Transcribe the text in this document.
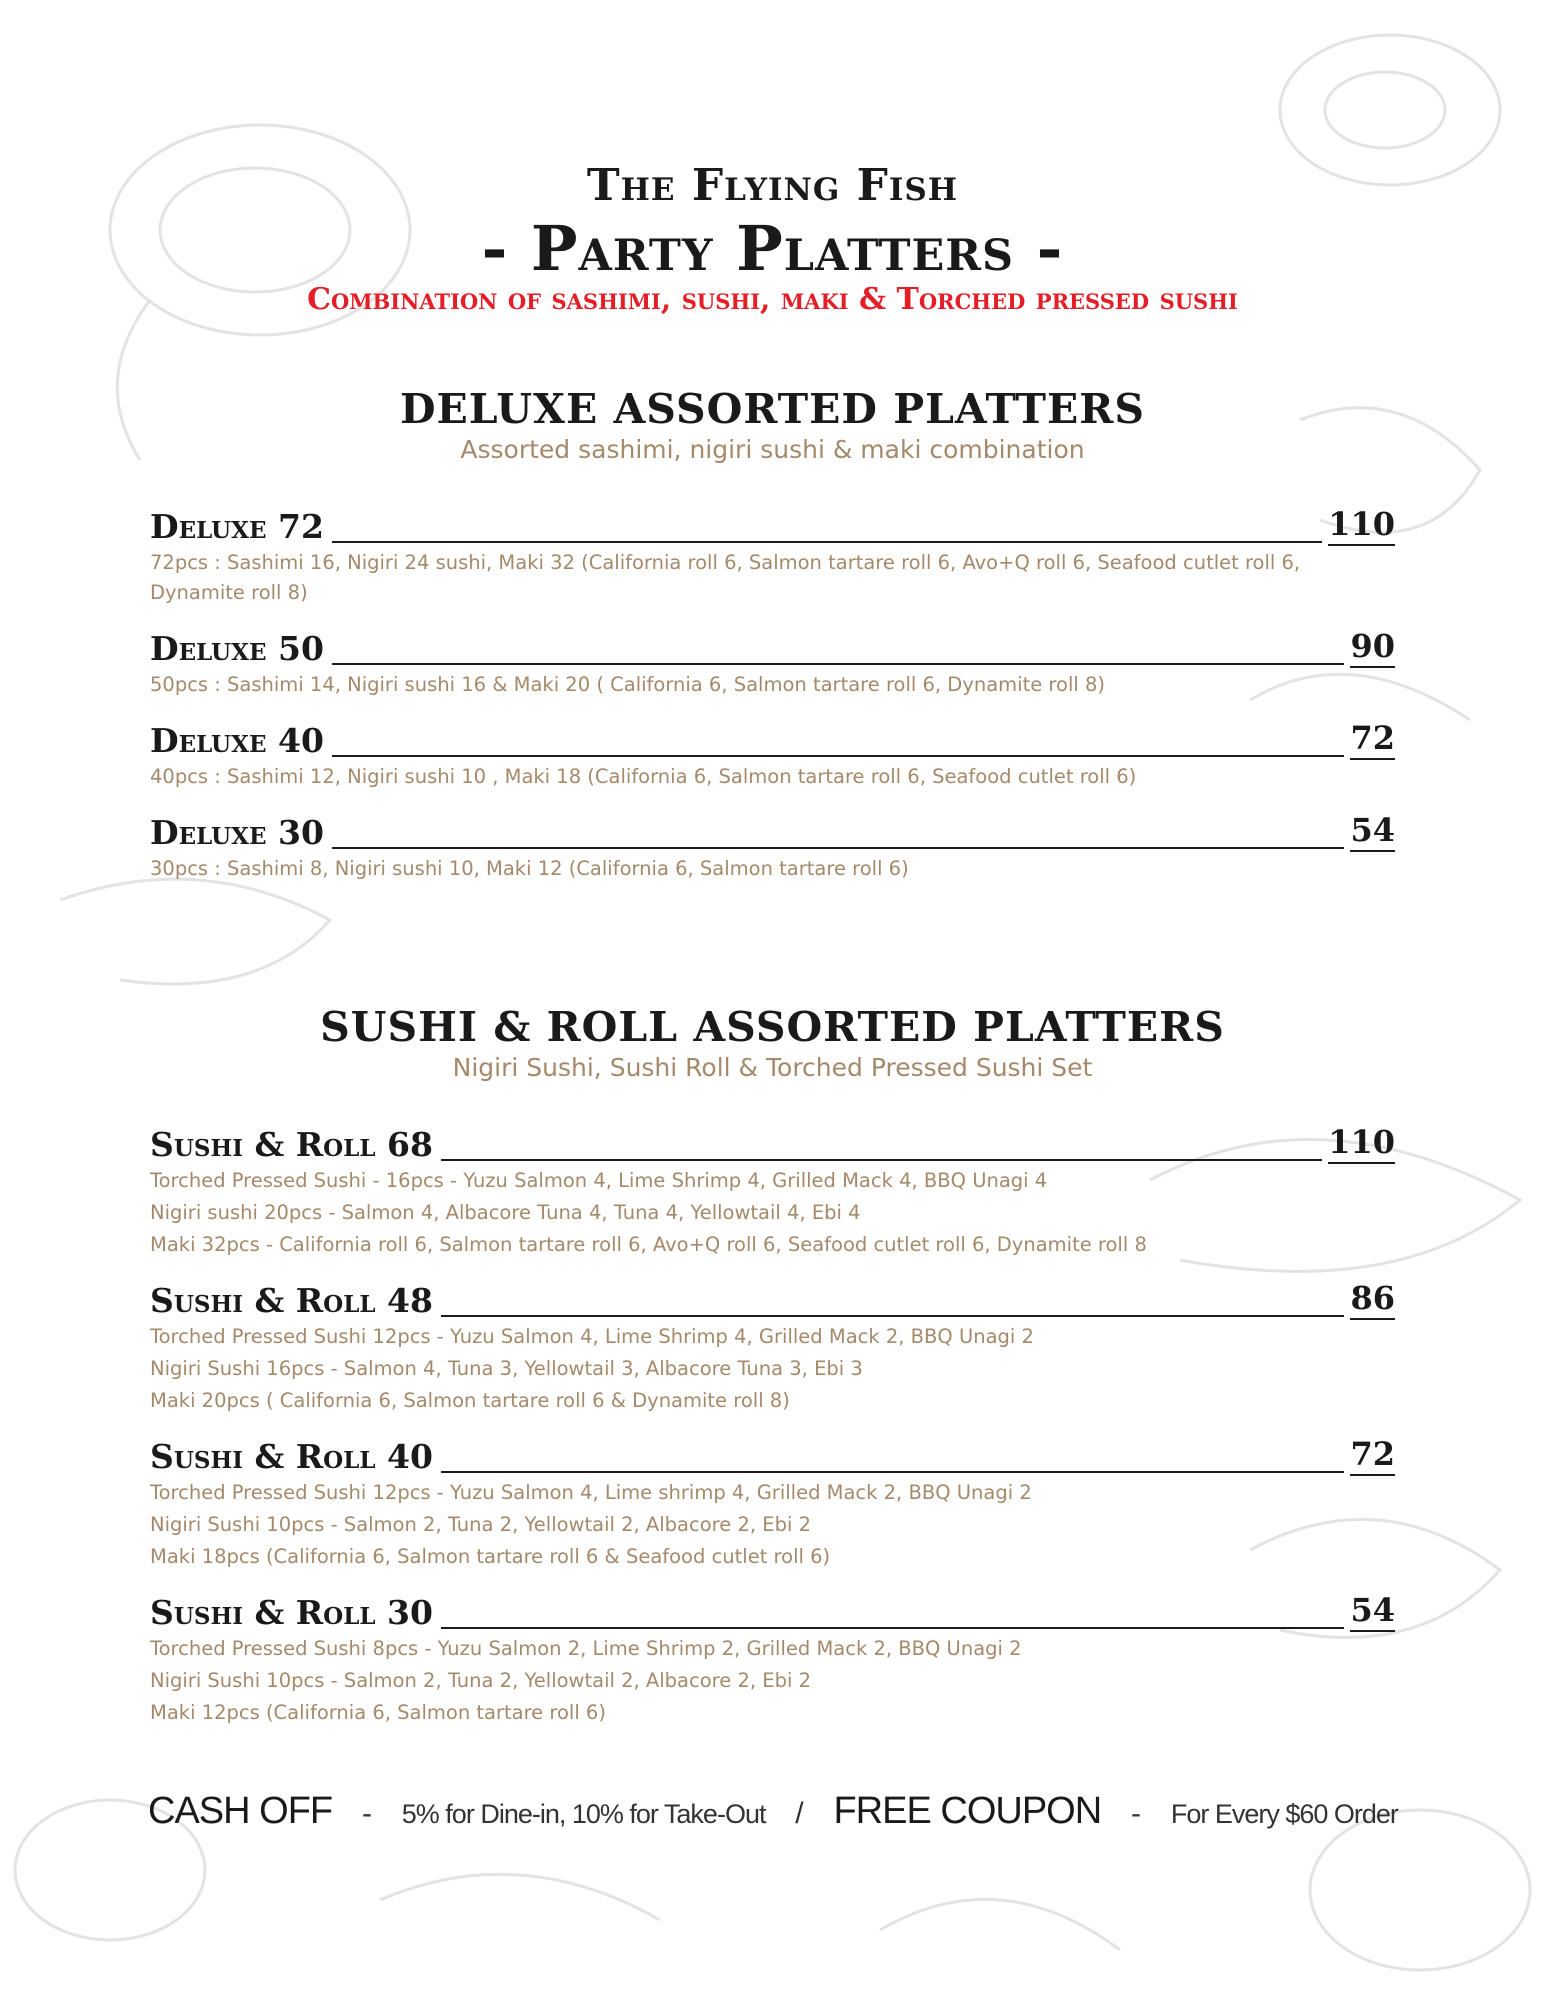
The Flying Fish
- Party Platters -

Combination of sashimi, sushi, maki & Torched pressed sushi

DELUXE ASSORTED PLATTERS

Assorted sashimi, nigiri sushi & maki combination

Deluxe 72	110
72pcs : Sashimi 16, Nigiri 24 sushi, Maki 32 (California roll 6, Salmon tartare roll 6, Avo+Q roll 6, Seafood cutlet roll 6, Dynamite roll 8)
Deluxe 50	90
50pcs : Sashimi 14, Nigiri sushi 16 & Maki 20 ( California 6, Salmon tartare roll 6, Dynamite roll 8)
Deluxe 40	72
40pcs : Sashimi 12, Nigiri sushi 10 , Maki 18 (California 6, Salmon tartare roll 6, Seafood cutlet roll 6)
Deluxe 30	54
30pcs : Sashimi 8, Nigiri sushi 10, Maki 12 (California 6, Salmon tartare roll 6)
SUSHI & ROLL ASSORTED PLATTERS

Nigiri Sushi, Sushi Roll & Torched Pressed Sushi Set

Sushi & Roll 68	110
Torched Pressed Sushi - 16pcs - Yuzu Salmon 4, Lime Shrimp 4, Grilled Mack 4, BBQ Unagi 4
Nigiri sushi 20pcs - Salmon 4, Albacore Tuna 4, Tuna 4, Yellowtail 4, Ebi 4
Maki 32pcs - California roll 6, Salmon tartare roll 6, Avo+Q roll 6, Seafood cutlet roll 6, Dynamite roll 8
Sushi & Roll 48	86
Torched Pressed Sushi 12pcs - Yuzu Salmon 4, Lime Shrimp 4, Grilled Mack 2, BBQ Unagi 2
Nigiri Sushi 16pcs - Salmon 4, Tuna 3, Yellowtail 3, Albacore Tuna 3, Ebi 3
Maki 20pcs ( California 6, Salmon tartare roll 6 & Dynamite roll 8)
Sushi & Roll 40	72
Torched Pressed Sushi 12pcs - Yuzu Salmon 4, Lime shrimp 4, Grilled Mack 2, BBQ Unagi 2
Nigiri Sushi 10pcs - Salmon 2, Tuna 2, Yellowtail 2, Albacore 2, Ebi 2
Maki 18pcs (California 6, Salmon tartare roll 6 & Seafood cutlet roll 6)
Sushi & Roll 30	54
Torched Pressed Sushi 8pcs - Yuzu Salmon 2, Lime Shrimp 2, Grilled Mack 2, BBQ Unagi 2
Nigiri Sushi 10pcs - Salmon 2, Tuna 2, Yellowtail 2, Albacore 2, Ebi 2
Maki 12pcs (California 6, Salmon tartare roll 6)
CASH OFF - 5% for Dine-in, 10% for Take-Out / FREE COUPON - For Every $60 Order
